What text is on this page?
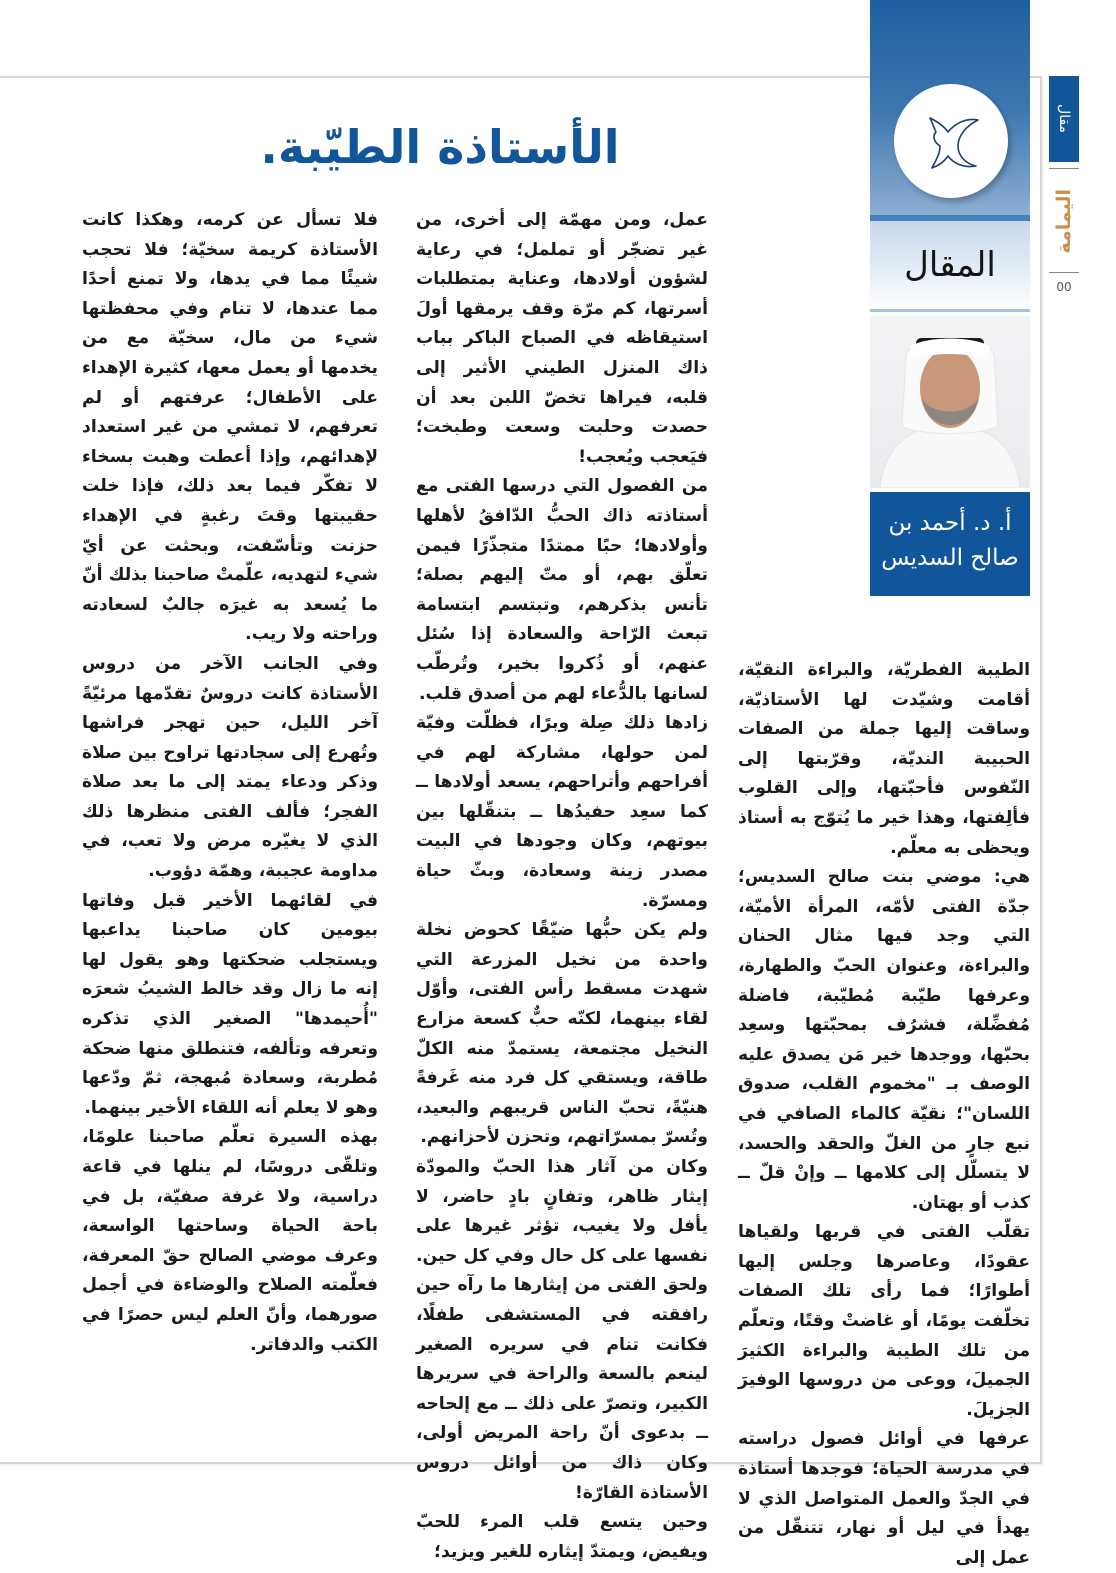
الأستاذة الطيّبة.

الطيبة الفطريّة، والبراءة النقيّة، أقامت وشيّدت لها الأستاذيّة، وساقت إليها جملة من الصفات الحبيبة النديّة، وقرّبتها إلى النّفوس فأحبّتها، وإلى القلوب فألِفتها، وهذا خير ما يُتوّج به أستاذ ويحظى به معلّم.

هي: موضي بنت صالح السديس؛ جدّة الفتى لأمّه، المرأة الأميّة، التي وجد فيها مثال الحنان والبراءة، وعنوان الحبّ والطهارة، وعرفها طيّبة مُطيّبة، فاضلة مُفضِّلة، فشرُف بمحبّتها وسعِد بحبّها، ووجدها خير مَن يصدق عليه الوصف بـ "مخموم القلب، صدوق اللسان"؛ نقيّة كالماء الصافي في نبع جارٍ من الغلّ والحقد والحسد، لا يتسلّل إلى كلامها ــ وإنْ قلّ ــ كذب أو بهتان.

تقلّب الفتى في قربها ولقياها عقودًا، وعاصرها وجلس إليها أطوارًا؛ فما رأى تلك الصفات تخلّفت يومًا، أو غاضتْ وقتًا، وتعلّم من تلك الطيبة والبراءة الكثيرَ الجميلَ، ووعى من دروسها الوفيرَ الجزيلَ.

عرفها في أوائل فصول دراسته في مدرسة الحياة؛ فوجدها أستاذة في الجدّ والعمل المتواصل الذي لا يهدأ في ليل أو نهار، تتنقّل من عمل إلى

عمل، ومن مهمّة إلى أخرى، من غير تضجّر أو تململ؛ في رعاية لشؤون أولادها، وعناية بمتطلبات أسرتها، كم مرّة وقف يرمقها أولَ استيقاظه في الصباح الباكر بباب ذاك المنزل الطيني الأثير إلى قلبه، فيراها تخضّ اللبن بعد أن حصدت وحلبت وسعت وطبخت؛ فيَعجب ويُعجب!

من الفصول التي درسها الفتى مع أستاذته ذاك الحبُّ الدّافقُ لأهلها وأولادها؛ حبًا ممتدًا متجذّرًا فيمن تعلّق بهم، أو متّ إليهم بصلة؛ تأنس بذكرهم، وتبتسم ابتسامة تبعث الرّاحة والسعادة إذا سُئل عنهم، أو ذُكروا بخير، وتُرطّب لسانها بالدُّعاء لهم من أصدق قلب.

زادها ذلك صِلة وبرًا، فظلّت وفيّة لمن حولها، مشاركة لهم في أفراحهم وأتراحهم، يسعد أولادها ــ كما سعِد حفيدُها ــ بتنقّلها بين بيوتهم، وكان وجودها في البيت مصدر زينة وسعادة، وبثّ حياة ومسرّة.

ولم يكن حبُّها ضيّقًا كحوض نخلة واحدة من نخيل المزرعة التي شهدت مسقط رأس الفتى، وأوّل لقاء بينهما، لكنّه حبٌّ كسعة مزارع النخيل مجتمعة، يستمدّ منه الكلّ طاقة، ويستقي كل فرد منه غَرفةً هنيّةً، تحبّ الناس قريبهم والبعيد، وتُسرّ بمسرّاتهم، وتحزن لأحزانهم.

وكان من آثار هذا الحبّ والمودّة إيثار ظاهر، وتفانٍ بادٍ حاضر، لا يأفل ولا يغيب، تؤثر غيرها على نفسها على كل حال وفي كل حين. ولحق الفتى من إيثارها ما رآه حين رافقته في المستشفى طفلًا، فكانت تنام في سريره الصغير لينعم بالسعة والراحة في سريرها الكبير، وتصرّ على ذلك ــ مع إلحاحه ــ بدعوى أنّ راحة المريض أولى، وكان ذاك من أوائل دروس الأستاذة القارّة!

وحين يتسع قلب المرء للحبّ ويفيض، ويمتدّ إيثاره للغير ويزيد؛

فلا تسأل عن كرمه، وهكذا كانت الأستاذة كريمة سخيّة؛ فلا تحجب شيئًا مما في يدها، ولا تمنع أحدًا مما عندها، لا تنام وفي محفظتها شيء من مال، سخيّة مع من يخدمها أو يعمل معها، كثيرة الإهداء على الأطفال؛ عرفتهم أو لم تعرفهم، لا تمشي من غير استعداد لإهدائهم، وإذا أعطت وهبت بسخاء لا تفكّر فيما بعد ذلك، فإذا خلت حقيبتها وقتَ رغبةٍ في الإهداء حزنت وتأسّفت، وبحثت عن أيّ شيء لتهديه، علّمتْ صاحبنا بذلك أنّ ما يُسعد به غيرَه جالبٌ لسعادته وراحته ولا ريب.

وفي الجانب الآخر من دروس الأستاذة كانت دروسٌ تقدّمها مرئيّةً آخر الليل، حين تهجر فراشها وتُهرع إلى سجادتها تراوح بين صلاة وذكر ودعاء يمتد إلى ما بعد صلاة الفجر؛ فألف الفتى منظرها ذلك الذي لا يغيّره مرض ولا تعب، في مداومة عجيبة، وهمّة دؤوب.

في لقائهما الأخير قبل وفاتها بيومين كان صاحبنا يداعبها ويستجلب ضحكتها وهو يقول لها إنه ما زال وقد خالط الشيبُ شعرَه "أُحيمدها" الصغير الذي تذكره وتعرفه وتألفه، فتنطلق منها ضحكة مُطربة، وسعادة مُبهجة، ثمّ ودّعها وهو لا يعلم أنه اللقاء الأخير بينهما.

بهذه السيرة تعلّم صاحبنا علومًا، وتلقّى دروسًا، لم ينلها في قاعة دراسية، ولا غرفة صفيّة، بل في باحة الحياة وساحتها الواسعة، وعرف موضي الصالح حقّ المعرفة، فعلّمته الصلاح والوضاءة في أجمل صورهما، وأنّ العلم ليس حصرًا في الكتب والدفاتر.

المقال
أ. د. أحمد بن
صالح السديس
مقال
اليمامة
00
